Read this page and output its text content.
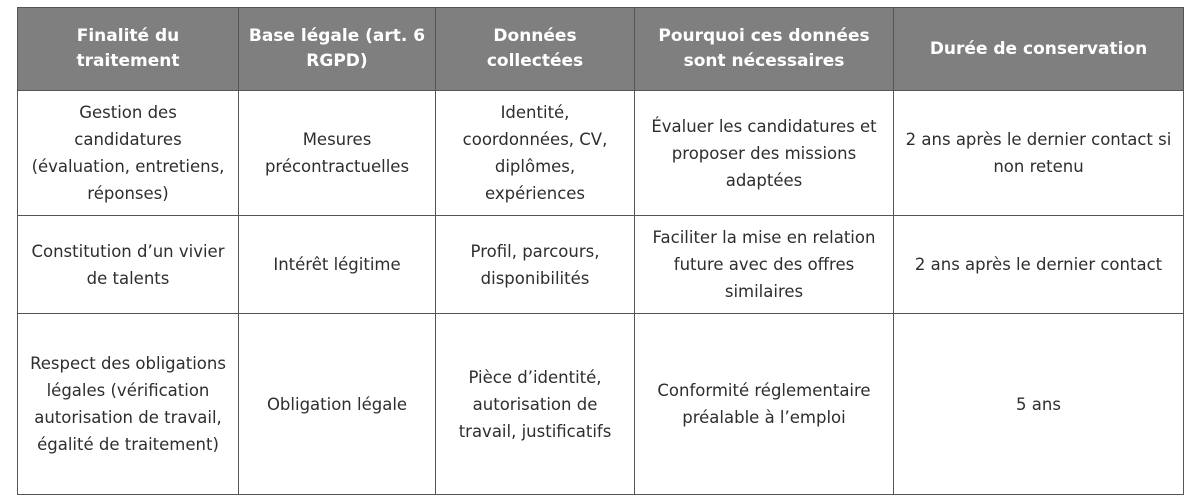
Finalité du traitement	Base légale (art. 6 RGPD)	Données collectées	Pourquoi ces données sont nécessaires	Durée de conservation
Gestion des candidatures (évaluation, entretiens, réponses)	Mesures précontractuelles	Identité, coordonnées, CV, diplômes, expériences	Évaluer les candidatures et proposer des missions adaptées	2 ans après le dernier contact si non retenu
Constitution d’un vivier de talents	Intérêt légitime	Profil, parcours, disponibilités	Faciliter la mise en relation future avec des offres similaires	2 ans après le dernier contact
Respect des obligations légales (vérification autorisation de travail, égalité de traitement)	Obligation légale	Pièce d’identité, autorisation de travail, justificatifs	Conformité réglementaire préalable à l’emploi	5 ans
